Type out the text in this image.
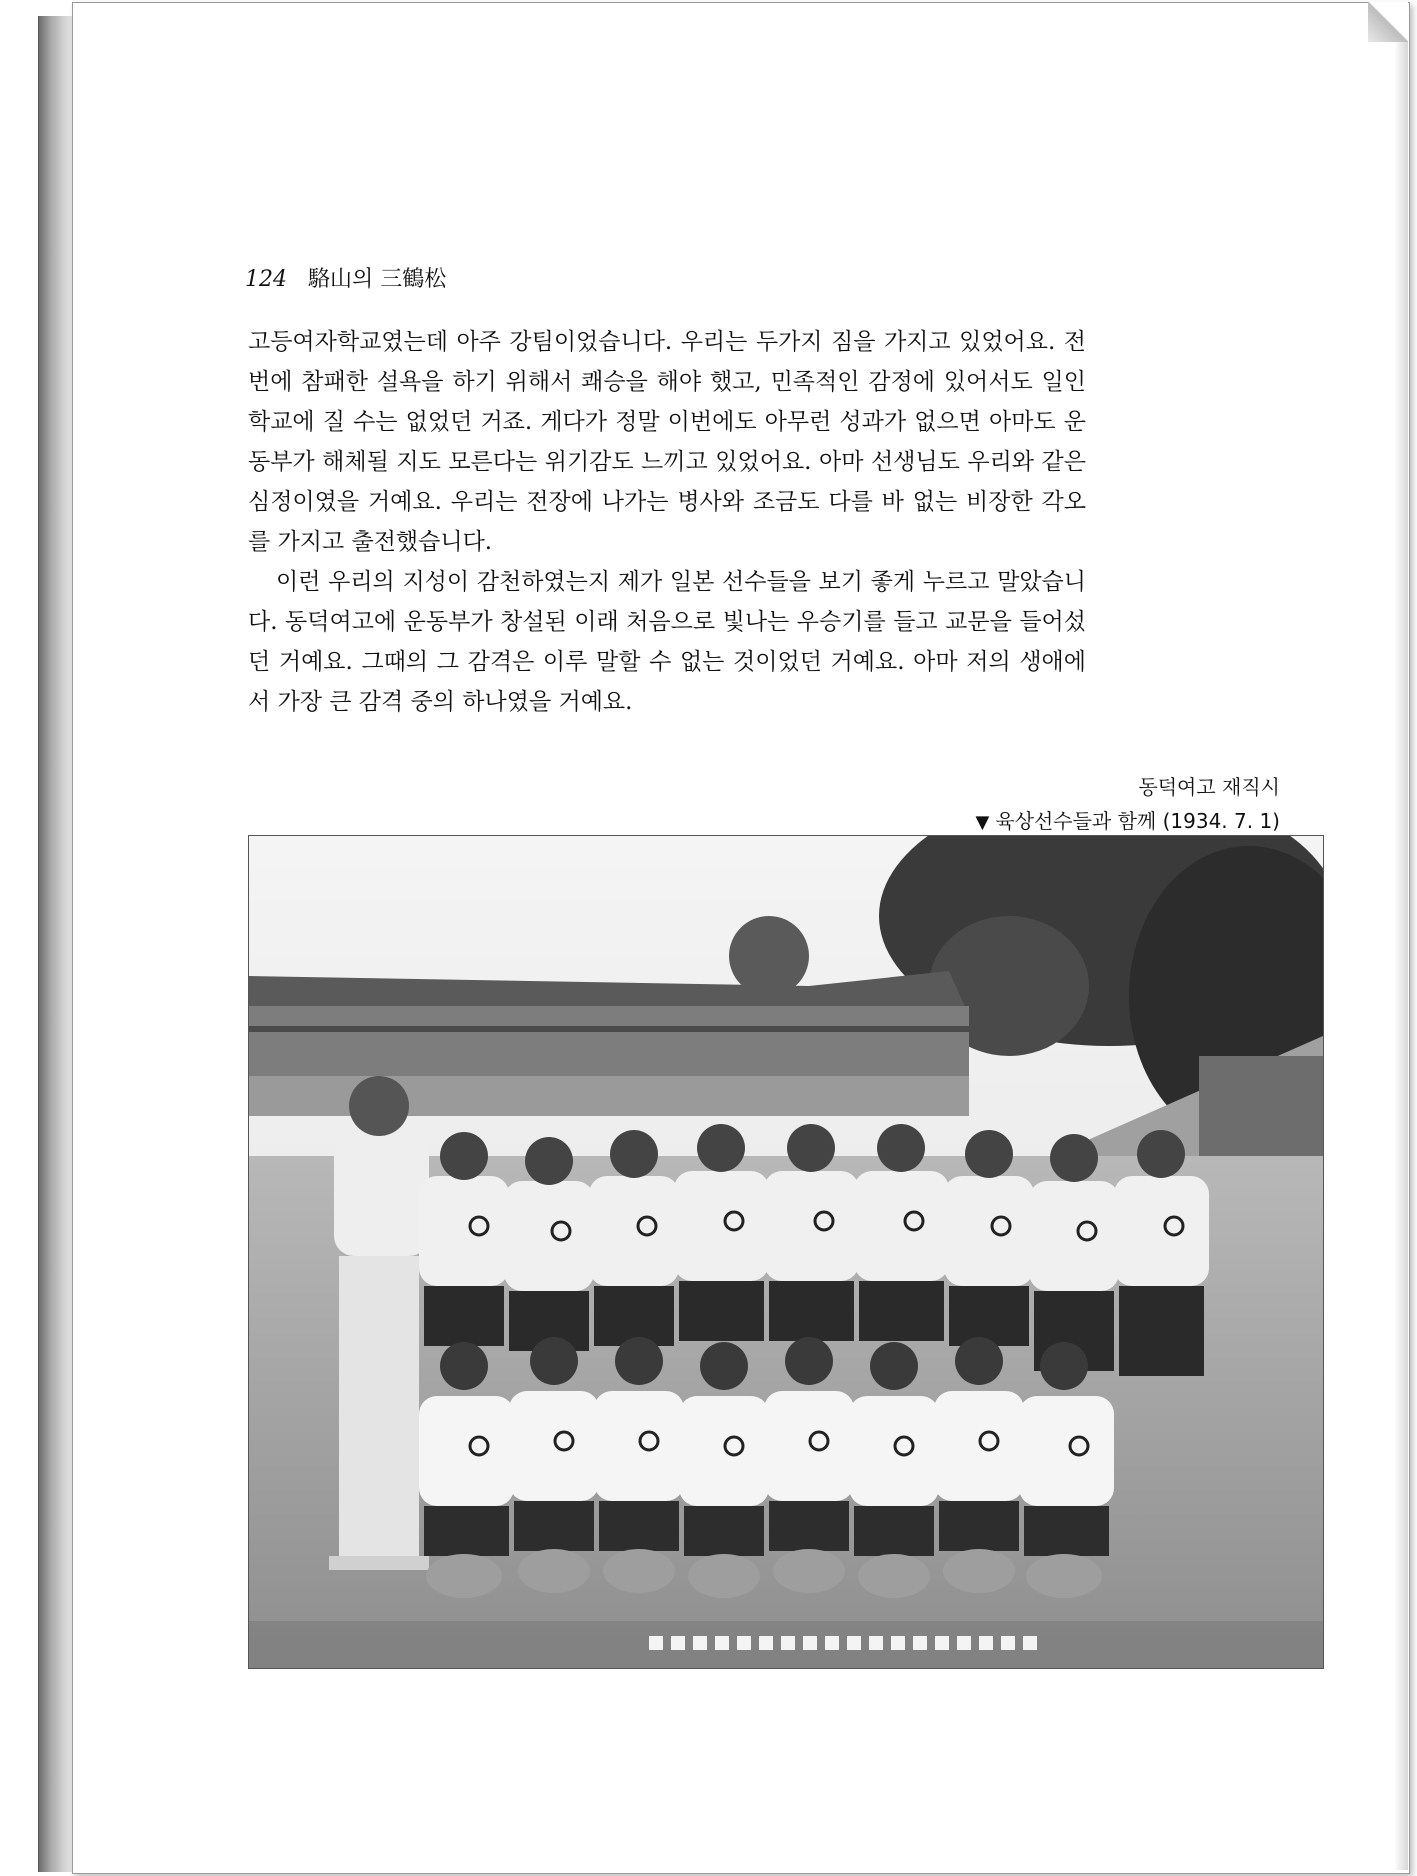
124 駱山의 三鶴松

고등여자학교였는데 아주 강팀이었습니다. 우리는 두가지 짐을 가지고 있었어요. 전번에 참패한 설욕을 하기 위해서 쾌승을 해야 했고, 민족적인 감정에 있어서도 일인 학교에 질 수는 없었던 거죠. 게다가 정말 이번에도 아무런 성과가 없으면 아마도 운동부가 해체될 지도 모른다는 위기감도 느끼고 있었어요. 아마 선생님도 우리와 같은 심정이였을 거예요. 우리는 전장에 나가는 병사와 조금도 다를 바 없는 비장한 각오를 가지고 출전했습니다.

이런 우리의 지성이 감천하였는지 제가 일본 선수들을 보기 좋게 누르고 말았습니다. 동덕여고에 운동부가 창설된 이래 처음으로 빛나는 우승기를 들고 교문을 들어섰던 거예요. 그때의 그 감격은 이루 말할 수 없는 것이었던 거예요. 아마 저의 생애에서 가장 큰 감격 중의 하나였을 거예요.

동덕여고 재직시
▼ 육상선수들과 함께 (1934. 7. 1)
